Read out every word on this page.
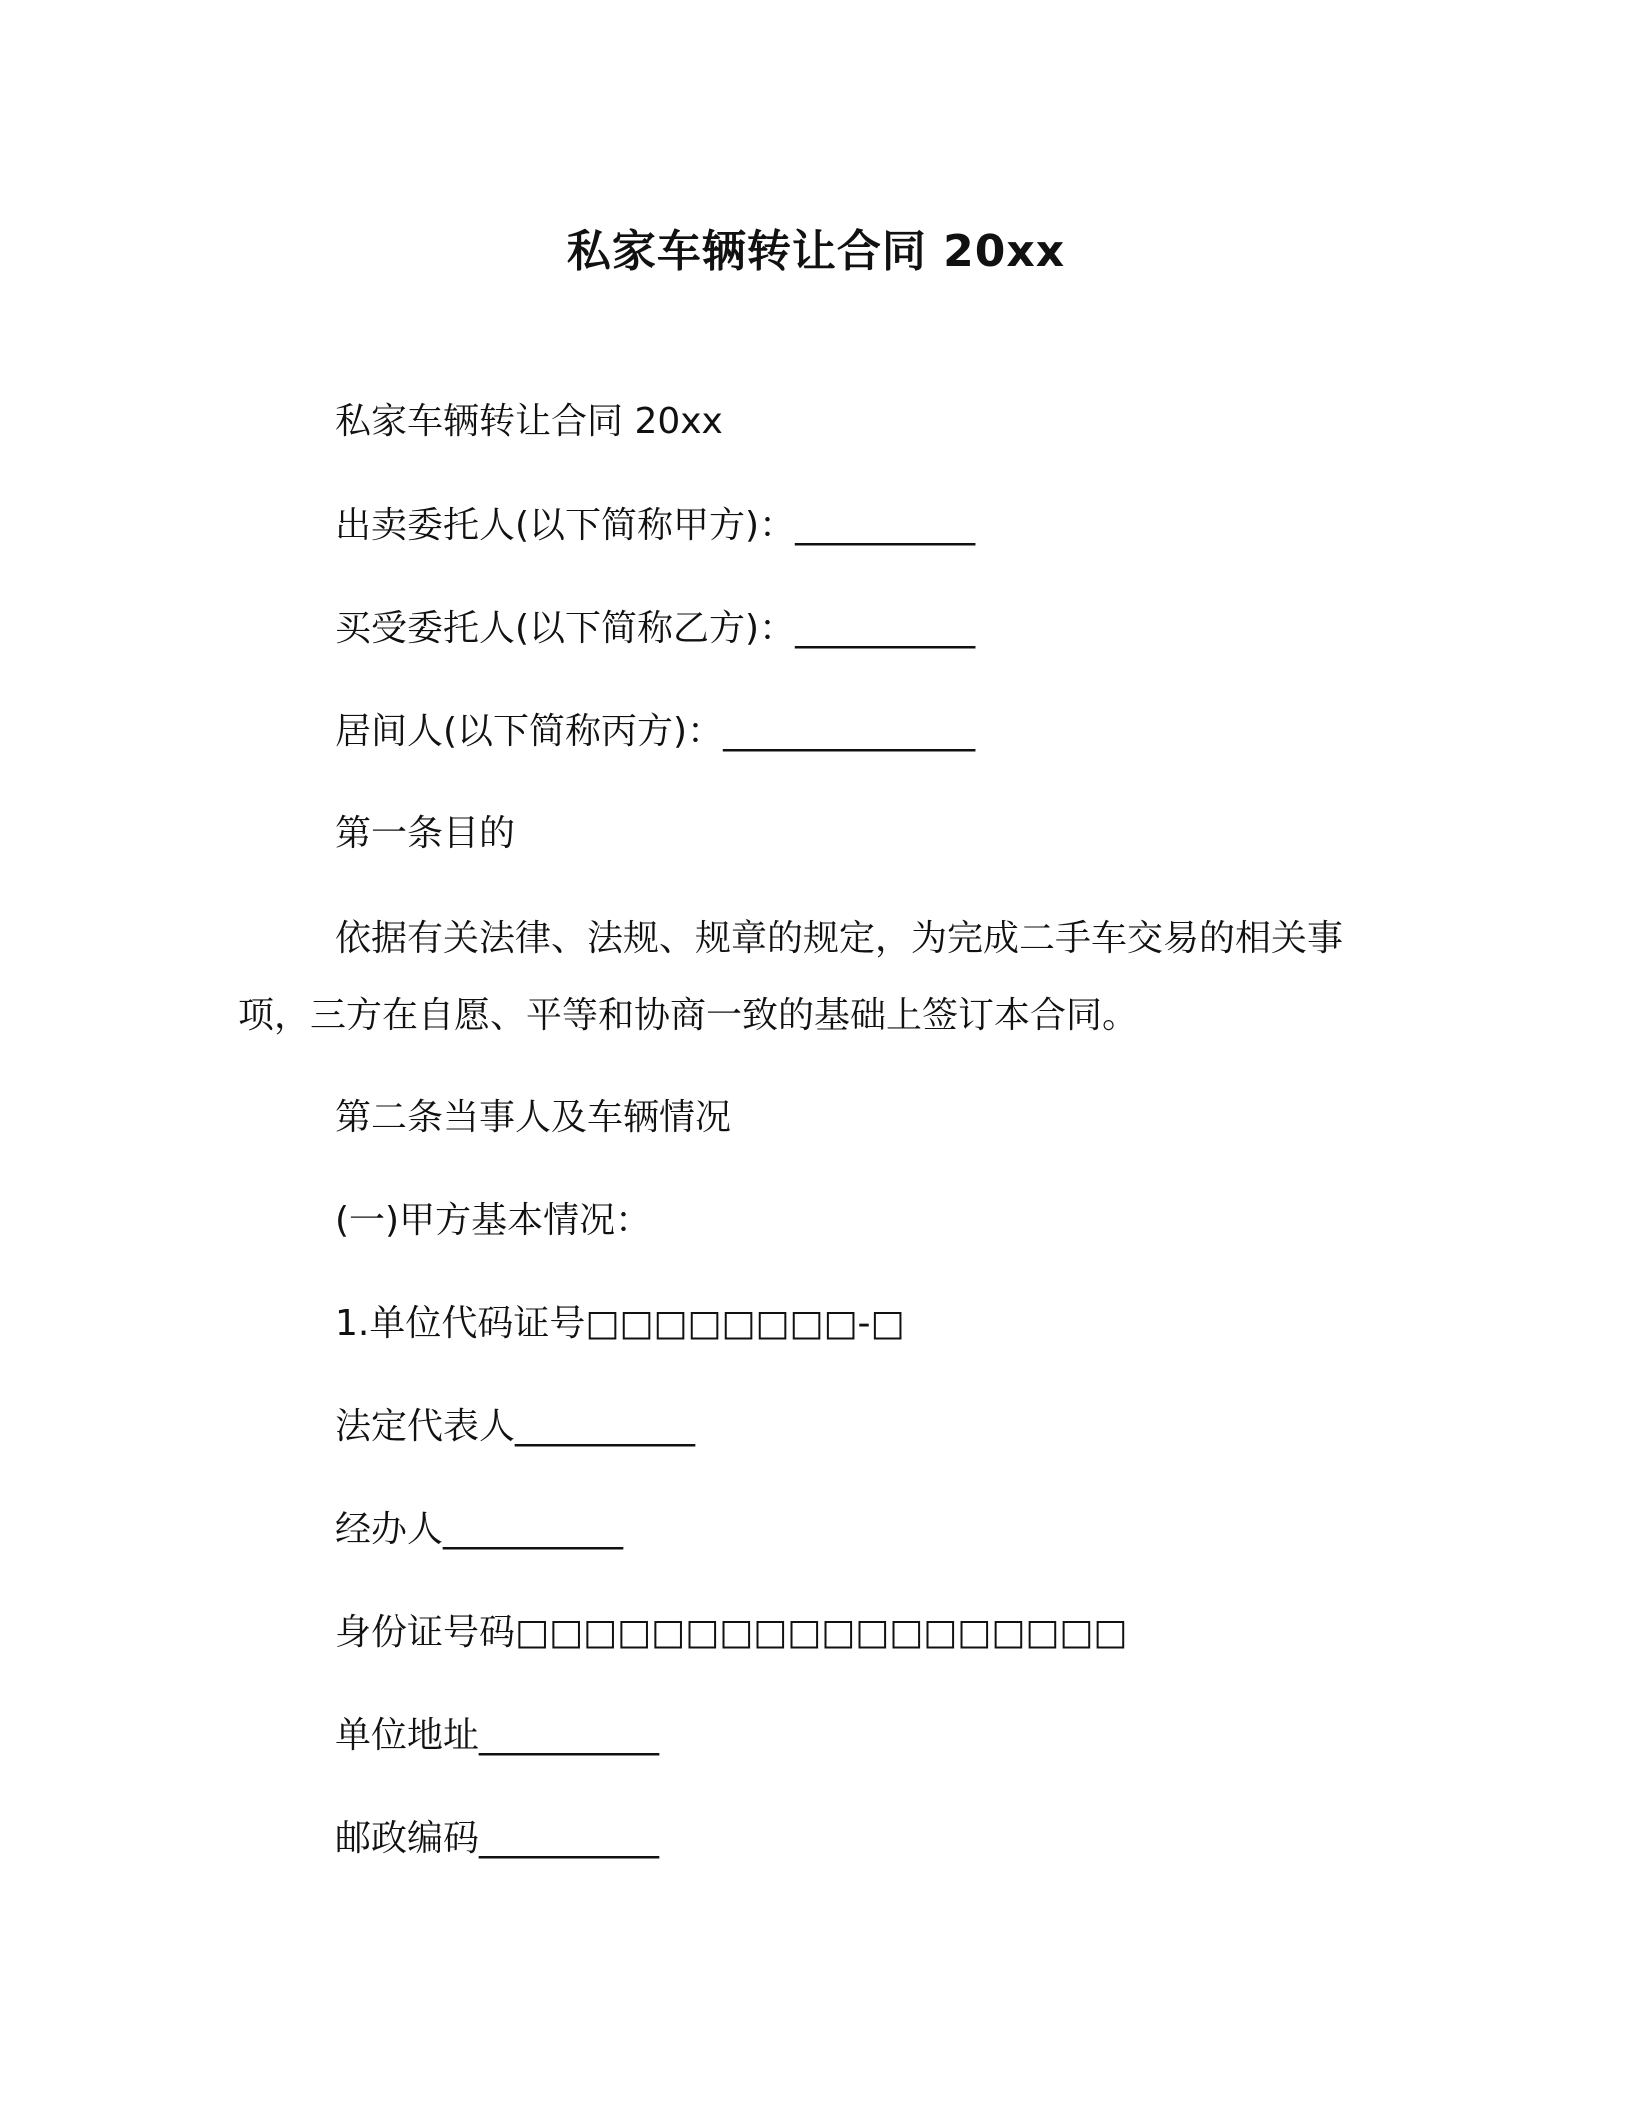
私家车辆转让合同 20xx
私家车辆转让合同 20xx
出卖委托人(以下简称甲方)：__________
买受委托人(以下简称乙方)：__________
居间人(以下简称丙方)：______________
第一条目的
依据有关法律、法规、规章的规定，为完成二手车交易的相关事项，三方在自愿、平等和协商一致的基础上签订本合同。
第二条当事人及车辆情况
(一)甲方基本情况：
1.单位代码证号□□□□□□□□-□
法定代表人__________
经办人__________
身份证号码□□□□□□□□□□□□□□□□□□
单位地址__________
邮政编码__________
